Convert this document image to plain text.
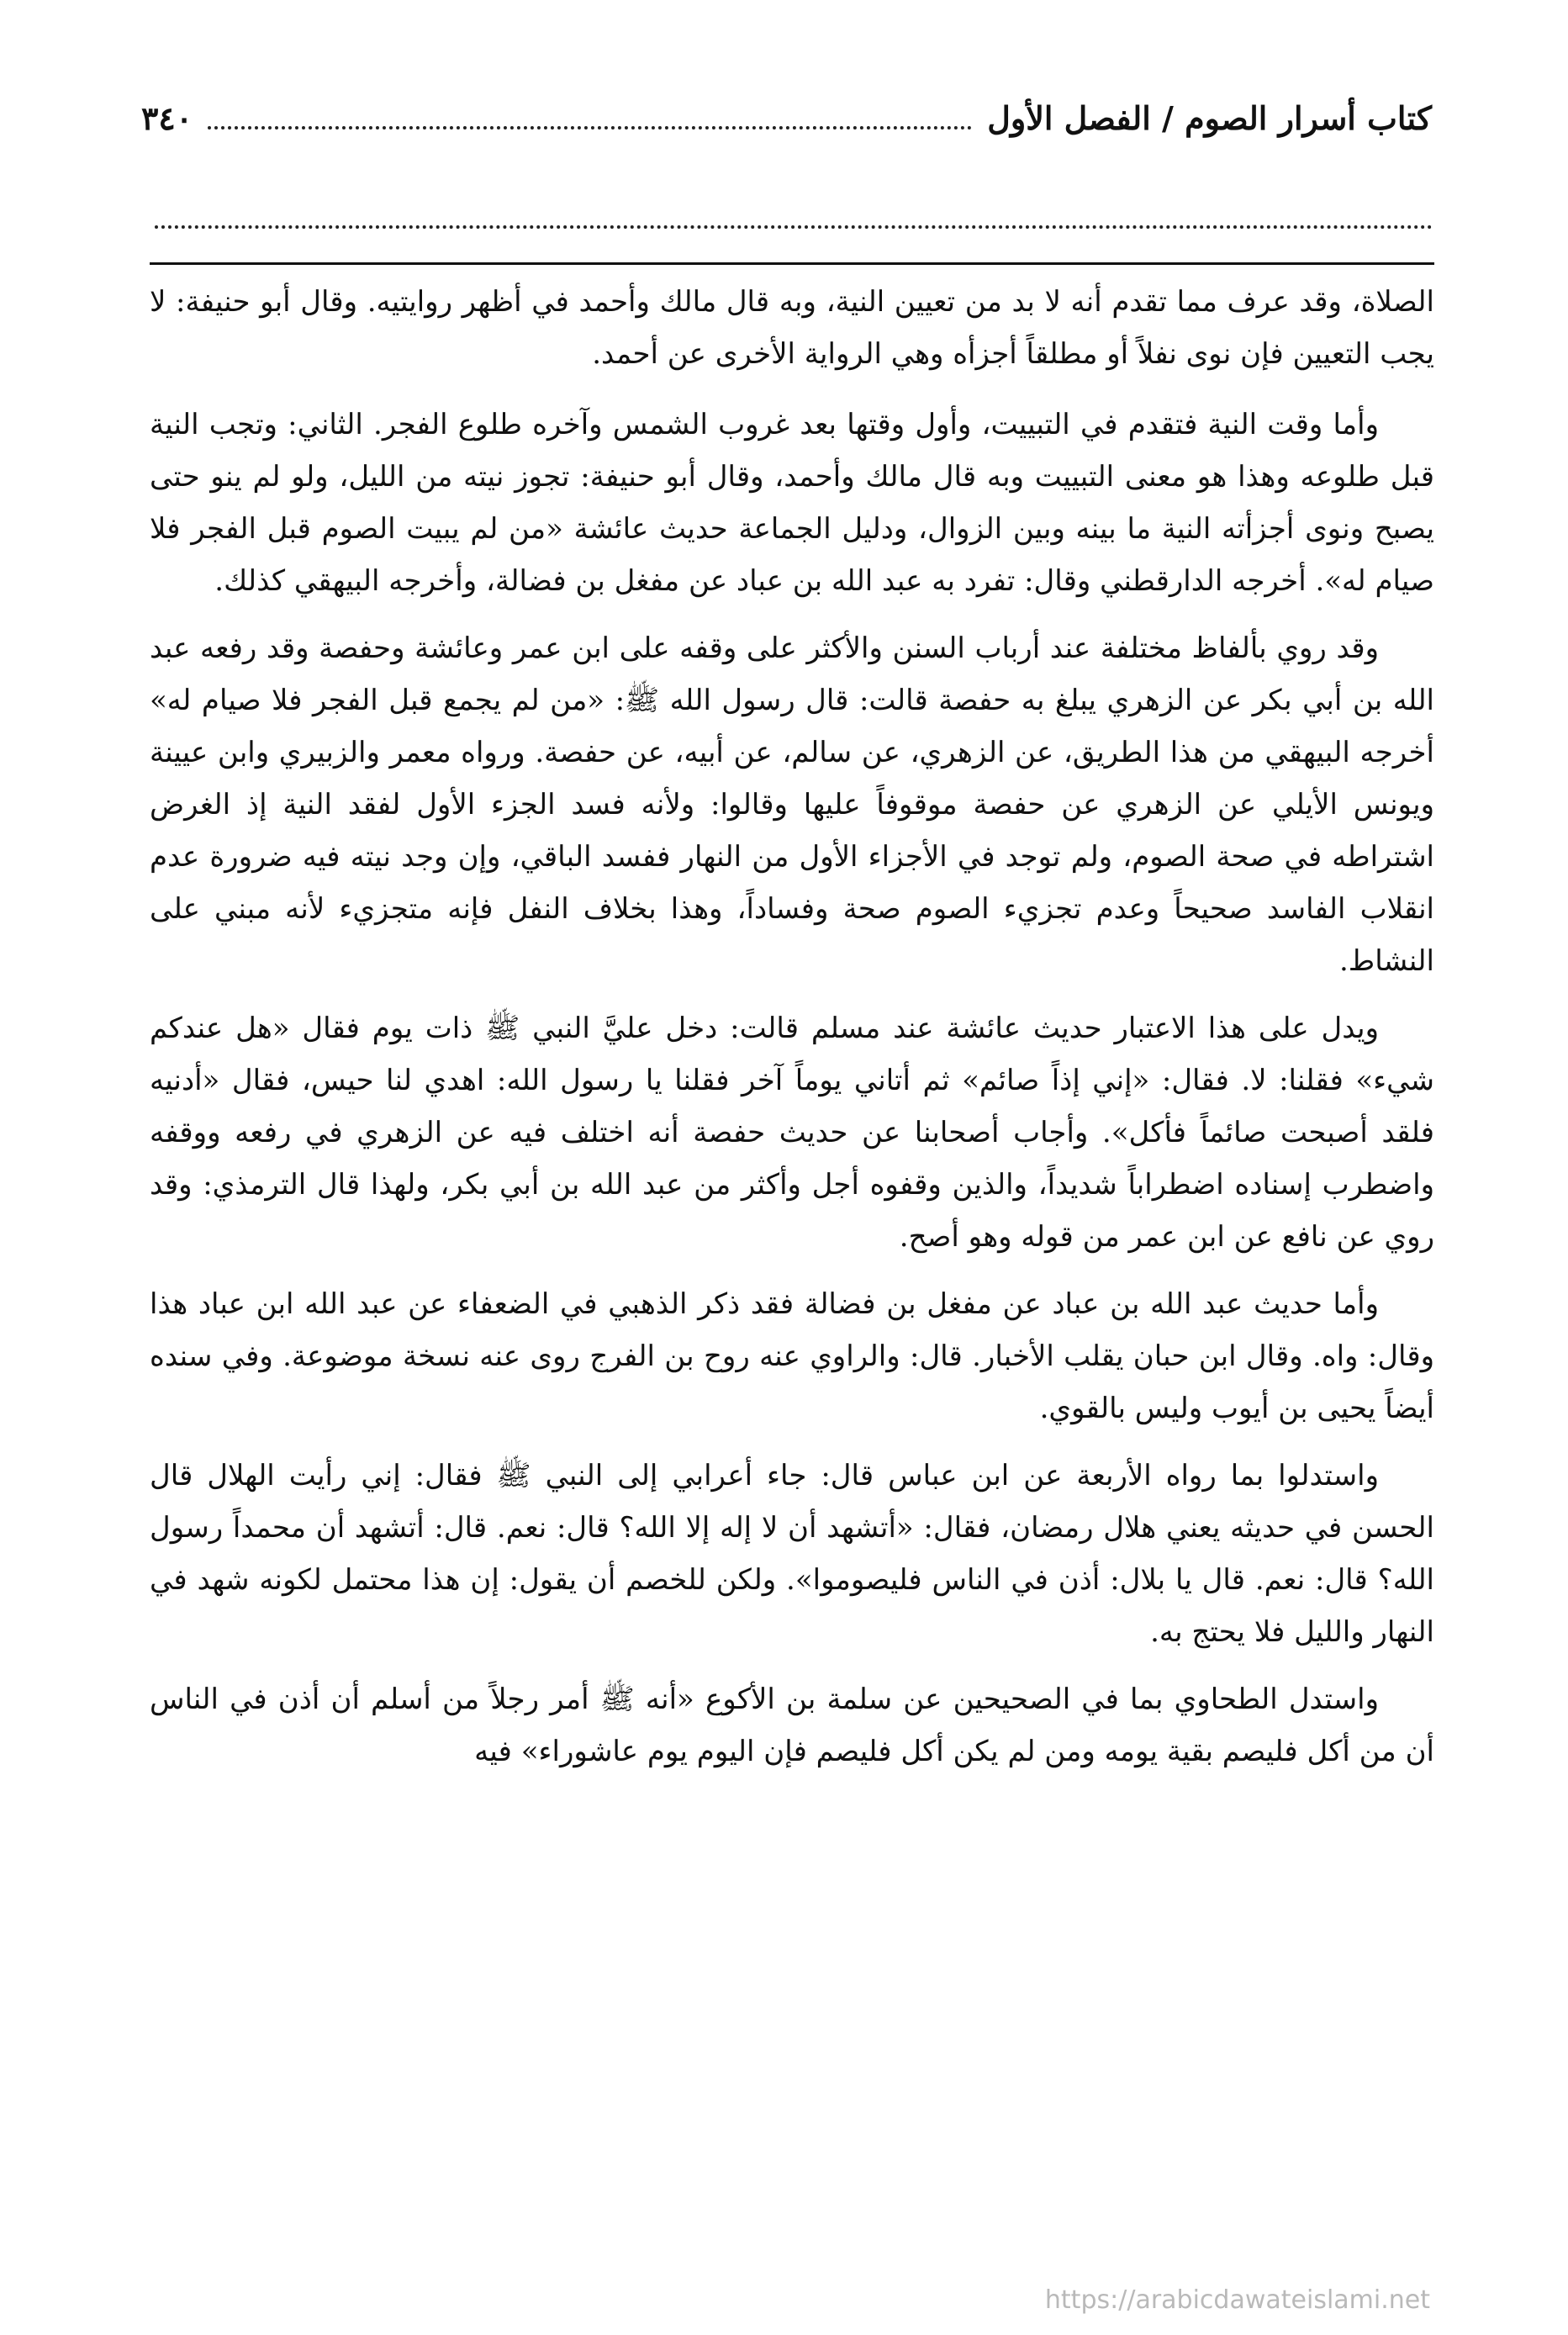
كتاب أسرار الصوم / الفصل الأول
٣٤٠

الصلاة، وقد عرف مما تقدم أنه لا بد من تعيين النية، وبه قال مالك وأحمد في أظهر روايتيه. وقال أبو حنيفة: لا يجب التعيين فإن نوى نفلاً أو مطلقاً أجزأه وهي الرواية الأخرى عن أحمد.

وأما وقت النية فتقدم في التبييت، وأول وقتها بعد غروب الشمس وآخره طلوع الفجر. الثاني: وتجب النية قبل طلوعه وهذا هو معنى التبييت وبه قال مالك وأحمد، وقال أبو حنيفة: تجوز نيته من الليل، ولو لم ينو حتى يصبح ونوى أجزأته النية ما بينه وبين الزوال، ودليل الجماعة حديث عائشة «من لم يبيت الصوم قبل الفجر فلا صيام له». أخرجه الدارقطني وقال: تفرد به عبد الله بن عباد عن مفغل بن فضالة، وأخرجه البيهقي كذلك.

وقد روي بألفاظ مختلفة عند أرباب السنن والأكثر على وقفه على ابن عمر وعائشة وحفصة وقد رفعه عبد الله بن أبي بكر عن الزهري يبلغ به حفصة قالت: قال رسول الله ﷺ: «من لم يجمع قبل الفجر فلا صيام له» أخرجه البيهقي من هذا الطريق، عن الزهري، عن سالم، عن أبيه، عن حفصة. ورواه معمر والزبيري وابن عيينة ويونس الأيلي عن الزهري عن حفصة موقوفاً عليها وقالوا: ولأنه فسد الجزء الأول لفقد النية إذ الغرض اشتراطه في صحة الصوم، ولم توجد في الأجزاء الأول من النهار ففسد الباقي، وإن وجد نيته فيه ضرورة عدم انقلاب الفاسد صحيحاً وعدم تجزيء الصوم صحة وفساداً، وهذا بخلاف النفل فإنه متجزيء لأنه مبني على النشاط.

ويدل على هذا الاعتبار حديث عائشة عند مسلم قالت: دخل عليَّ النبي ﷺ ذات يوم فقال «هل عندكم شيء» فقلنا: لا. فقال: «إني إذاً صائم» ثم أتاني يوماً آخر فقلنا يا رسول الله: اهدي لنا حيس، فقال «أدنيه فلقد أصبحت صائماً فأكل». وأجاب أصحابنا عن حديث حفصة أنه اختلف فيه عن الزهري في رفعه ووقفه واضطرب إسناده اضطراباً شديداً، والذين وقفوه أجل وأكثر من عبد الله بن أبي بكر، ولهذا قال الترمذي: وقد روي عن نافع عن ابن عمر من قوله وهو أصح.

وأما حديث عبد الله بن عباد عن مفغل بن فضالة فقد ذكر الذهبي في الضعفاء عن عبد الله ابن عباد هذا وقال: واه. وقال ابن حبان يقلب الأخبار. قال: والراوي عنه روح بن الفرج روى عنه نسخة موضوعة. وفي سنده أيضاً يحيى بن أيوب وليس بالقوي.

واستدلوا بما رواه الأربعة عن ابن عباس قال: جاء أعرابي إلى النبي ﷺ فقال: إني رأيت الهلال قال الحسن في حديثه يعني هلال رمضان، فقال: «أتشهد أن لا إله إلا الله؟ قال: نعم. قال: أتشهد أن محمداً رسول الله؟ قال: نعم. قال يا بلال: أذن في الناس فليصوموا». ولكن للخصم أن يقول: إن هذا محتمل لكونه شهد في النهار والليل فلا يحتج به.

واستدل الطحاوي بما في الصحيحين عن سلمة بن الأكوع «أنه ﷺ أمر رجلاً من أسلم أن أذن في الناس أن من أكل فليصم بقية يومه ومن لم يكن أكل فليصم فإن اليوم يوم عاشوراء» فيه

https://arabicdawateislami.net
